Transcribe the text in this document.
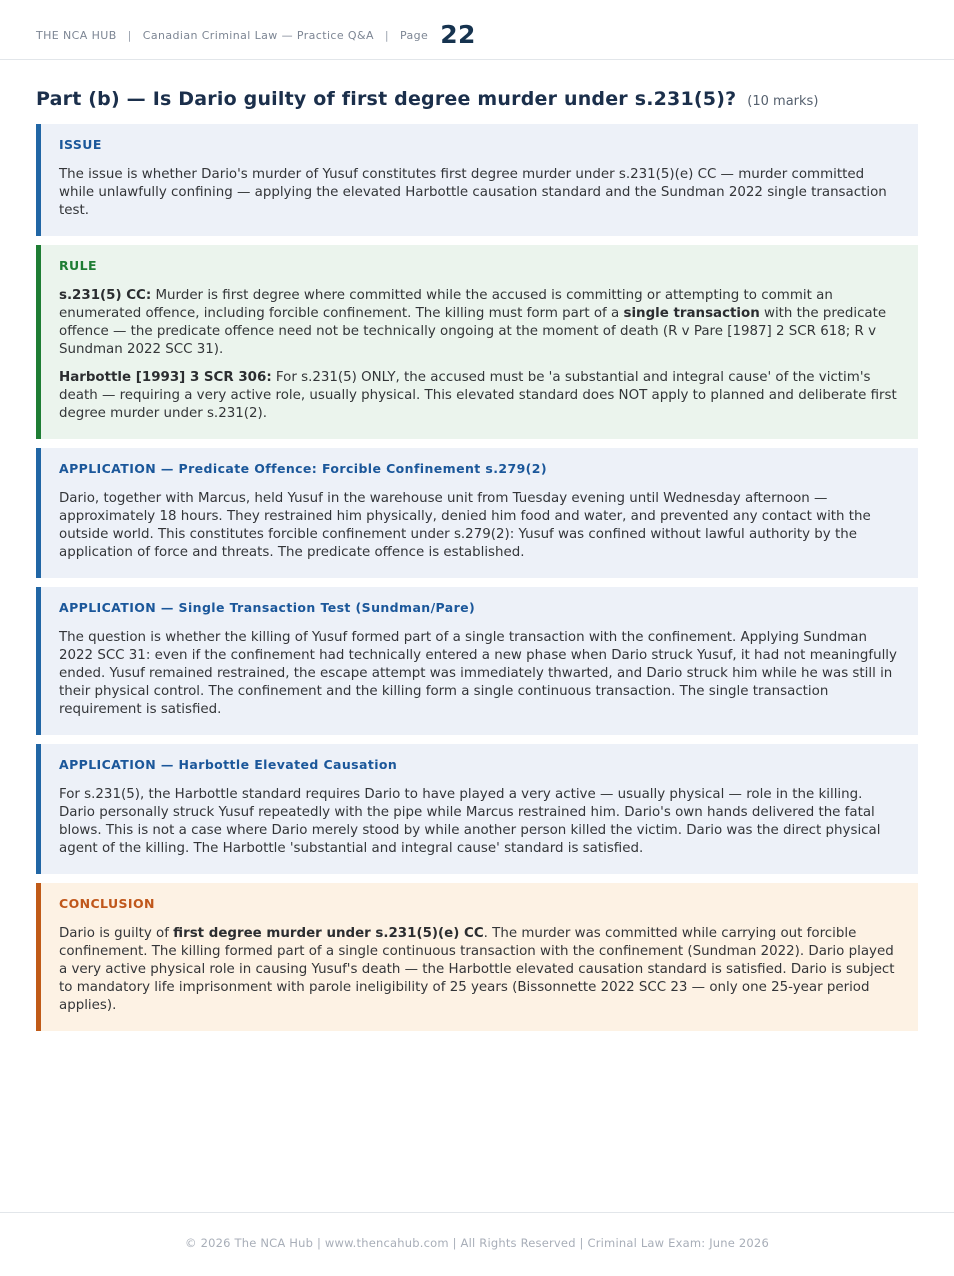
THE NCA HUB | Canadian Criminal Law — Practice Q&A | Page 22
Part (b) — Is Dario guilty of first degree murder under s.231(5)? (10 marks)
ISSUE

The issue is whether Dario's murder of Yusuf constitutes first degree murder under s.231(5)(e) CC — murder committed while unlawfully confining — applying the elevated Harbottle causation standard and the Sundman 2022 single transaction test.

RULE

s.231(5) CC: Murder is first degree where committed while the accused is committing or attempting to commit an enumerated offence, including forcible confinement. The killing must form part of a single transaction with the predicate offence — the predicate offence need not be technically ongoing at the moment of death (R v Pare [1987] 2 SCR 618; R v Sundman 2022 SCC 31).

Harbottle [1993] 3 SCR 306: For s.231(5) ONLY, the accused must be 'a substantial and integral cause' of the victim's death — requiring a very active role, usually physical. This elevated standard does NOT apply to planned and deliberate first degree murder under s.231(2).

APPLICATION — Predicate Offence: Forcible Confinement s.279(2)

Dario, together with Marcus, held Yusuf in the warehouse unit from Tuesday evening until Wednesday afternoon — approximately 18 hours. They restrained him physically, denied him food and water, and prevented any contact with the outside world. This constitutes forcible confinement under s.279(2): Yusuf was confined without lawful authority by the application of force and threats. The predicate offence is established.

APPLICATION — Single Transaction Test (Sundman/Pare)

The question is whether the killing of Yusuf formed part of a single transaction with the confinement. Applying Sundman 2022 SCC 31: even if the confinement had technically entered a new phase when Dario struck Yusuf, it had not meaningfully ended. Yusuf remained restrained, the escape attempt was immediately thwarted, and Dario struck him while he was still in their physical control. The confinement and the killing form a single continuous transaction. The single transaction requirement is satisfied.

APPLICATION — Harbottle Elevated Causation

For s.231(5), the Harbottle standard requires Dario to have played a very active — usually physical — role in the killing. Dario personally struck Yusuf repeatedly with the pipe while Marcus restrained him. Dario's own hands delivered the fatal blows. This is not a case where Dario merely stood by while another person killed the victim. Dario was the direct physical agent of the killing. The Harbottle 'substantial and integral cause' standard is satisfied.

CONCLUSION

Dario is guilty of first degree murder under s.231(5)(e) CC. The murder was committed while carrying out forcible confinement. The killing formed part of a single continuous transaction with the confinement (Sundman 2022). Dario played a very active physical role in causing Yusuf's death — the Harbottle elevated causation standard is satisfied. Dario is subject to mandatory life imprisonment with parole ineligibility of 25 years (Bissonnette 2022 SCC 23 — only one 25-year period applies).

© 2026 The NCA Hub | www.thencahub.com | All Rights Reserved | Criminal Law Exam: June 2026
